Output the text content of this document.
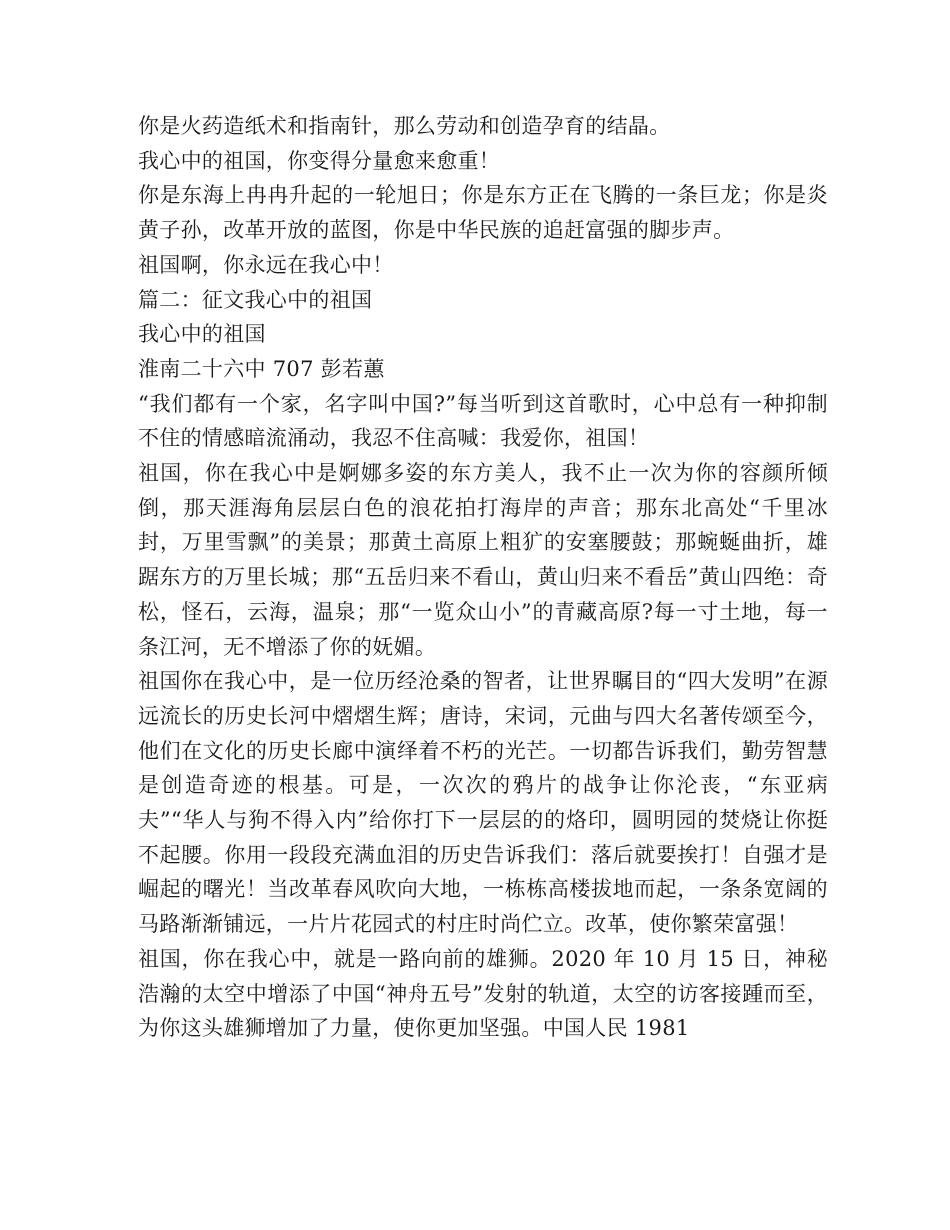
你是火药造纸术和指南针，那么劳动和创造孕育的结晶。

我心中的祖国，你变得分量愈来愈重！

你是东海上冉冉升起的一轮旭日；你是东方正在飞腾的一条巨龙；你是炎黄子孙，改革开放的蓝图，你是中华民族的追赶富强的脚步声。

祖国啊，你永远在我心中！

篇二：征文我心中的祖国

我心中的祖国

淮南二十六中 707 彭若蕙

“我们都有一个家，名字叫中国?”每当听到这首歌时，心中总有一种抑制不住的情感暗流涌动，我忍不住高喊：我爱你，祖国！

祖国，你在我心中是婀娜多姿的东方美人，我不止一次为你的容颜所倾倒，那天涯海角层层白色的浪花拍打海岸的声音；那东北高处“千里冰封，万里雪飘”的美景；那黄土高原上粗犷的安塞腰鼓；那蜿蜒曲折，雄踞东方的万里长城；那“五岳归来不看山，黄山归来不看岳”黄山四绝：奇松，怪石，云海，温泉；那“一览众山小”的青藏高原?每一寸土地，每一条江河，无不增添了你的妩媚。

祖国你在我心中，是一位历经沧桑的智者，让世界瞩目的“四大发明”在源远流长的历史长河中熠熠生辉；唐诗，宋词，元曲与四大名著传颂至今，他们在文化的历史长廊中演绎着不朽的光芒。一切都告诉我们，勤劳智慧是创造奇迹的根基。可是，一次次的鸦片的战争让你沦丧，“东亚病夫”“华人与狗不得入内”给你打下一层层的的烙印，圆明园的焚烧让你挺不起腰。你用一段段充满血泪的历史告诉我们：落后就要挨打！自强才是崛起的曙光！当改革春风吹向大地，一栋栋高楼拔地而起，一条条宽阔的马路渐渐铺远，一片片花园式的村庄时尚伫立。改革，使你繁荣富强！

祖国，你在我心中，就是一路向前的雄狮。2020 年 10 月 15 日，神秘浩瀚的太空中增添了中国“神舟五号”发射的轨道，太空的访客接踵而至，为你这头雄狮增加了力量，使你更加坚强。中国人民 1981
